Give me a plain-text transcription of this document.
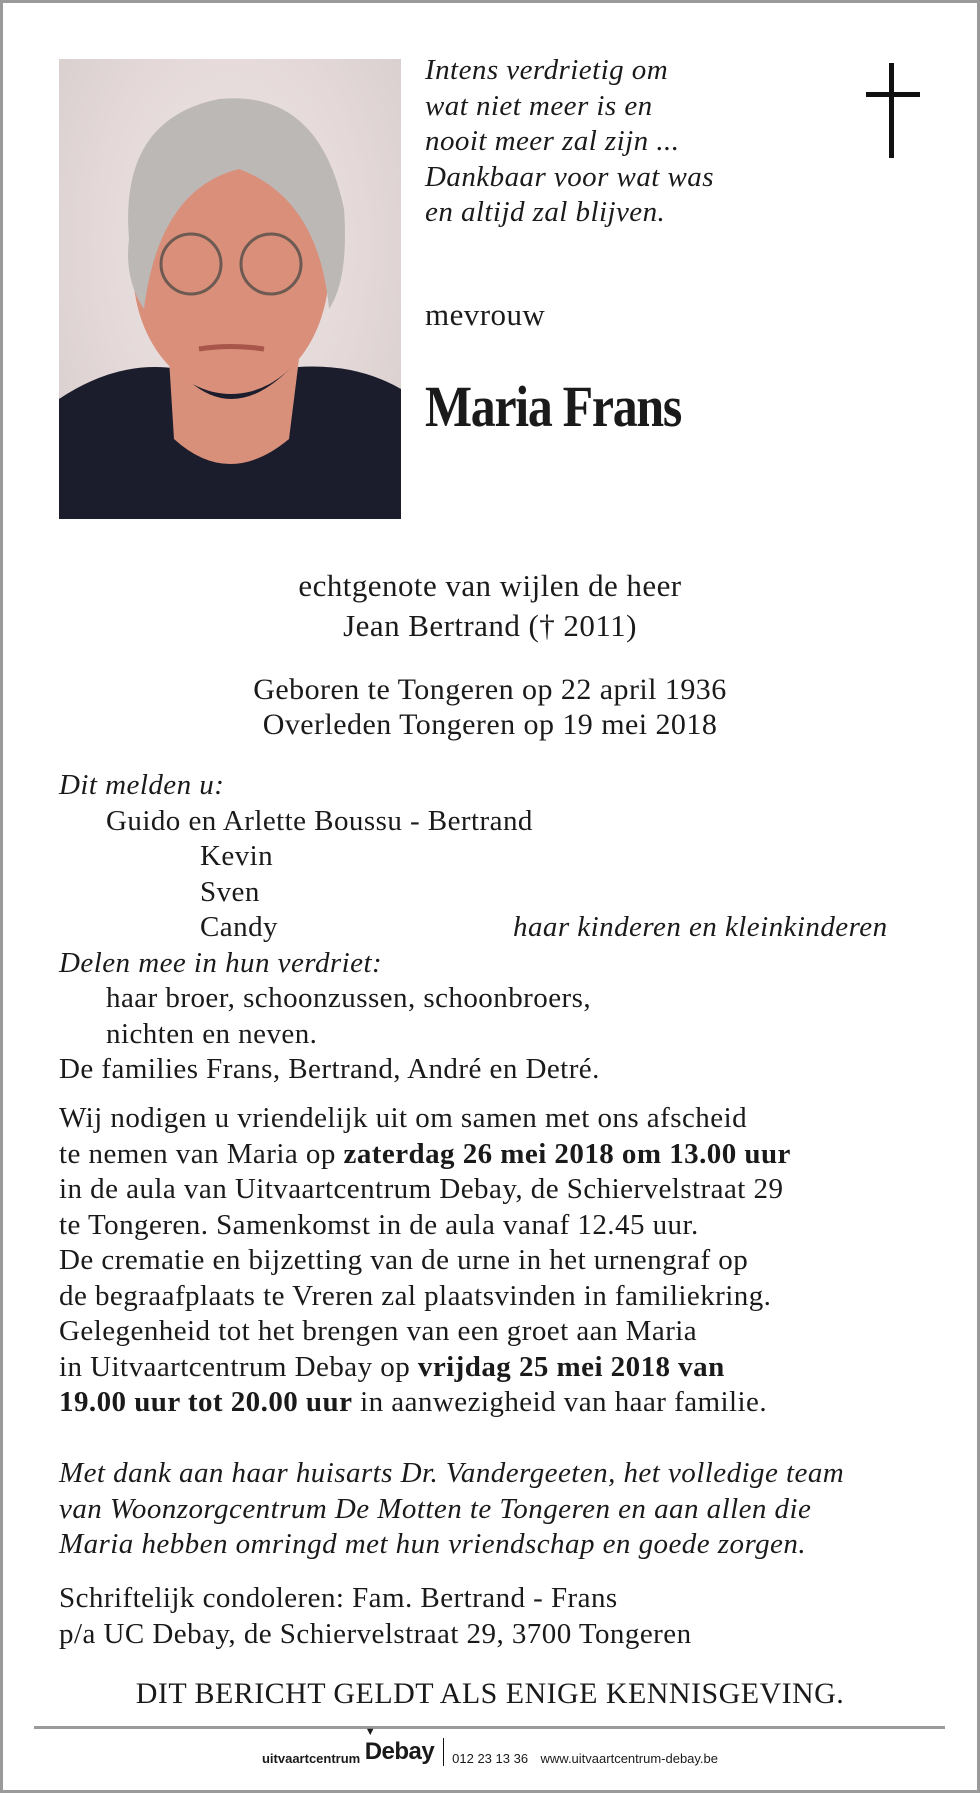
Intens verdrietig om
wat niet meer is en
nooit meer zal zijn ...
Dankbaar voor wat was
en altijd zal blijven.
mevrouw
Maria Frans
echtgenote van wijlen de heer
Jean Bertrand († 2011)
Geboren te Tongeren op 22 april 1936
Overleden Tongeren op 19 mei 2018
Dit melden u:
Guido en Arlette Boussu - Bertrand
Kevin
Sven
Candy	haar kinderen en kleinkinderen
Delen mee in hun verdriet:
haar broer, schoonzussen, schoonbroers,
nichten en neven.
De families Frans, Bertrand, André en Detré.
Wij nodigen u vriendelijk uit om samen met ons afscheid
te nemen van Maria op zaterdag 26 mei 2018 om 13.00 uur
in de aula van Uitvaartcentrum Debay, de Schiervelstraat 29
te Tongeren. Samenkomst in de aula vanaf 12.45 uur.
De crematie en bijzetting van de urne in het urnengraf op
de begraafplaats te Vreren zal plaatsvinden in familiekring.
Gelegenheid tot het brengen van een groet aan Maria
in Uitvaartcentrum Debay op vrijdag 25 mei 2018 van
19.00 uur tot 20.00 uur in aanwezigheid van haar familie.
Met dank aan haar huisarts Dr. Vandergeeten, het volledige team
van Woonzorgcentrum De Motten te Tongeren en aan allen die
Maria hebben omringd met hun vriendschap en goede zorgen.
Schriftelijk condoleren: Fam. Bertrand - Frans
p/a UC Debay, de Schiervelstraat 29, 3700 Tongeren
DIT BERICHT GELDT ALS ENIGE KENNISGEVING.
uitvaartcentrum
▼
Debay 012 23 13 36 www.uitvaartcentrum-debay.be
